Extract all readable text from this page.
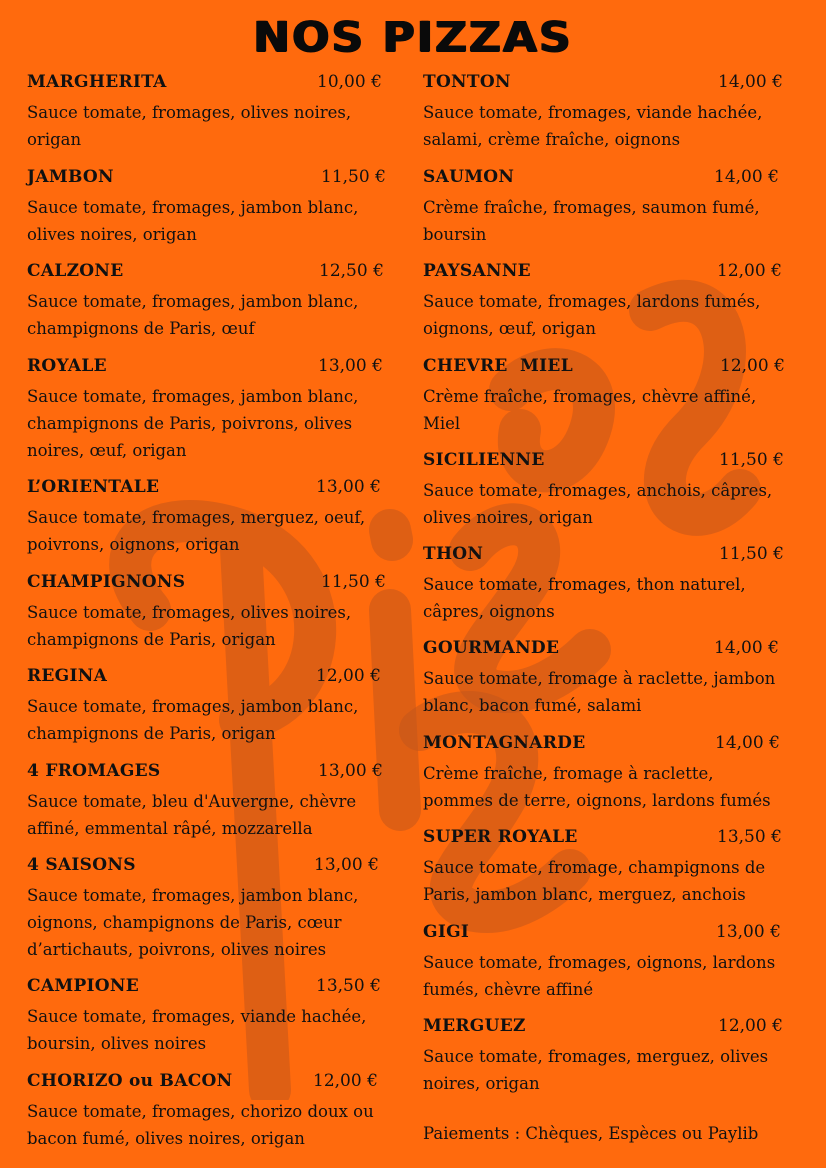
NOS PIZZAS
MARGHERITA	10,00 €
Sauce tomate, fromages, olives noires, origan
JAMBON	11,50 €
Sauce tomate, fromages, jambon blanc, olives noires, origan
CALZONE	12,50 €
Sauce tomate, fromages, jambon blanc, champignons de Paris, œuf
ROYALE	13,00 €
Sauce tomate, fromages, jambon blanc, champignons de Paris, poivrons, olives noires, œuf, origan
L’ORIENTALE	13,00 €
Sauce tomate, fromages, merguez, oeuf, poivrons, oignons, origan
CHAMPIGNONS	11,50 €
Sauce tomate, fromages, olives noires, champignons de Paris, origan
REGINA	12,00 €
Sauce tomate, fromages, jambon blanc, champignons de Paris, origan
4 FROMAGES	13,00 €
Sauce tomate, bleu d'Auvergne, chèvre affiné, emmental râpé, mozzarella
4 SAISONS	13,00 €
Sauce tomate, fromages, jambon blanc, oignons, champignons de Paris, cœur d’artichauts, poivrons, olives noires
CAMPIONE	13,50 €
Sauce tomate, fromages, viande hachée, boursin, olives noires
CHORIZO ou BACON	12,00 €
Sauce tomate, fromages, chorizo doux ou bacon fumé, olives noires, origan
TONTON	14,00 €
Sauce tomate, fromages, viande hachée, salami, crème fraîche, oignons
SAUMON	14,00 €
Crème fraîche, fromages, saumon fumé, boursin
PAYSANNE	12,00 €
Sauce tomate, fromages, lardons fumés, oignons, œuf, origan
CHEVRE  MIEL	12,00 €
Crème fraîche, fromages, chèvre affiné, Miel
SICILIENNE	11,50 €
Sauce tomate, fromages, anchois, câpres, olives noires, origan
THON	11,50 €
Sauce tomate, fromages, thon naturel, câpres, oignons
GOURMANDE	14,00 €
Sauce tomate, fromage à raclette, jambon blanc, bacon fumé, salami
MONTAGNARDE	14,00 €
Crème fraîche, fromage à raclette, pommes de terre, oignons, lardons fumés
SUPER ROYALE	13,50 €
Sauce tomate, fromage, champignons de Paris, jambon blanc, merguez, anchois
GIGI	13,00 €
Sauce tomate, fromages, oignons, lardons fumés, chèvre affiné
MERGUEZ	12,00 €
Sauce tomate, fromages, merguez, olives noires, origan
Paiements : Chèques, Espèces ou Paylib
